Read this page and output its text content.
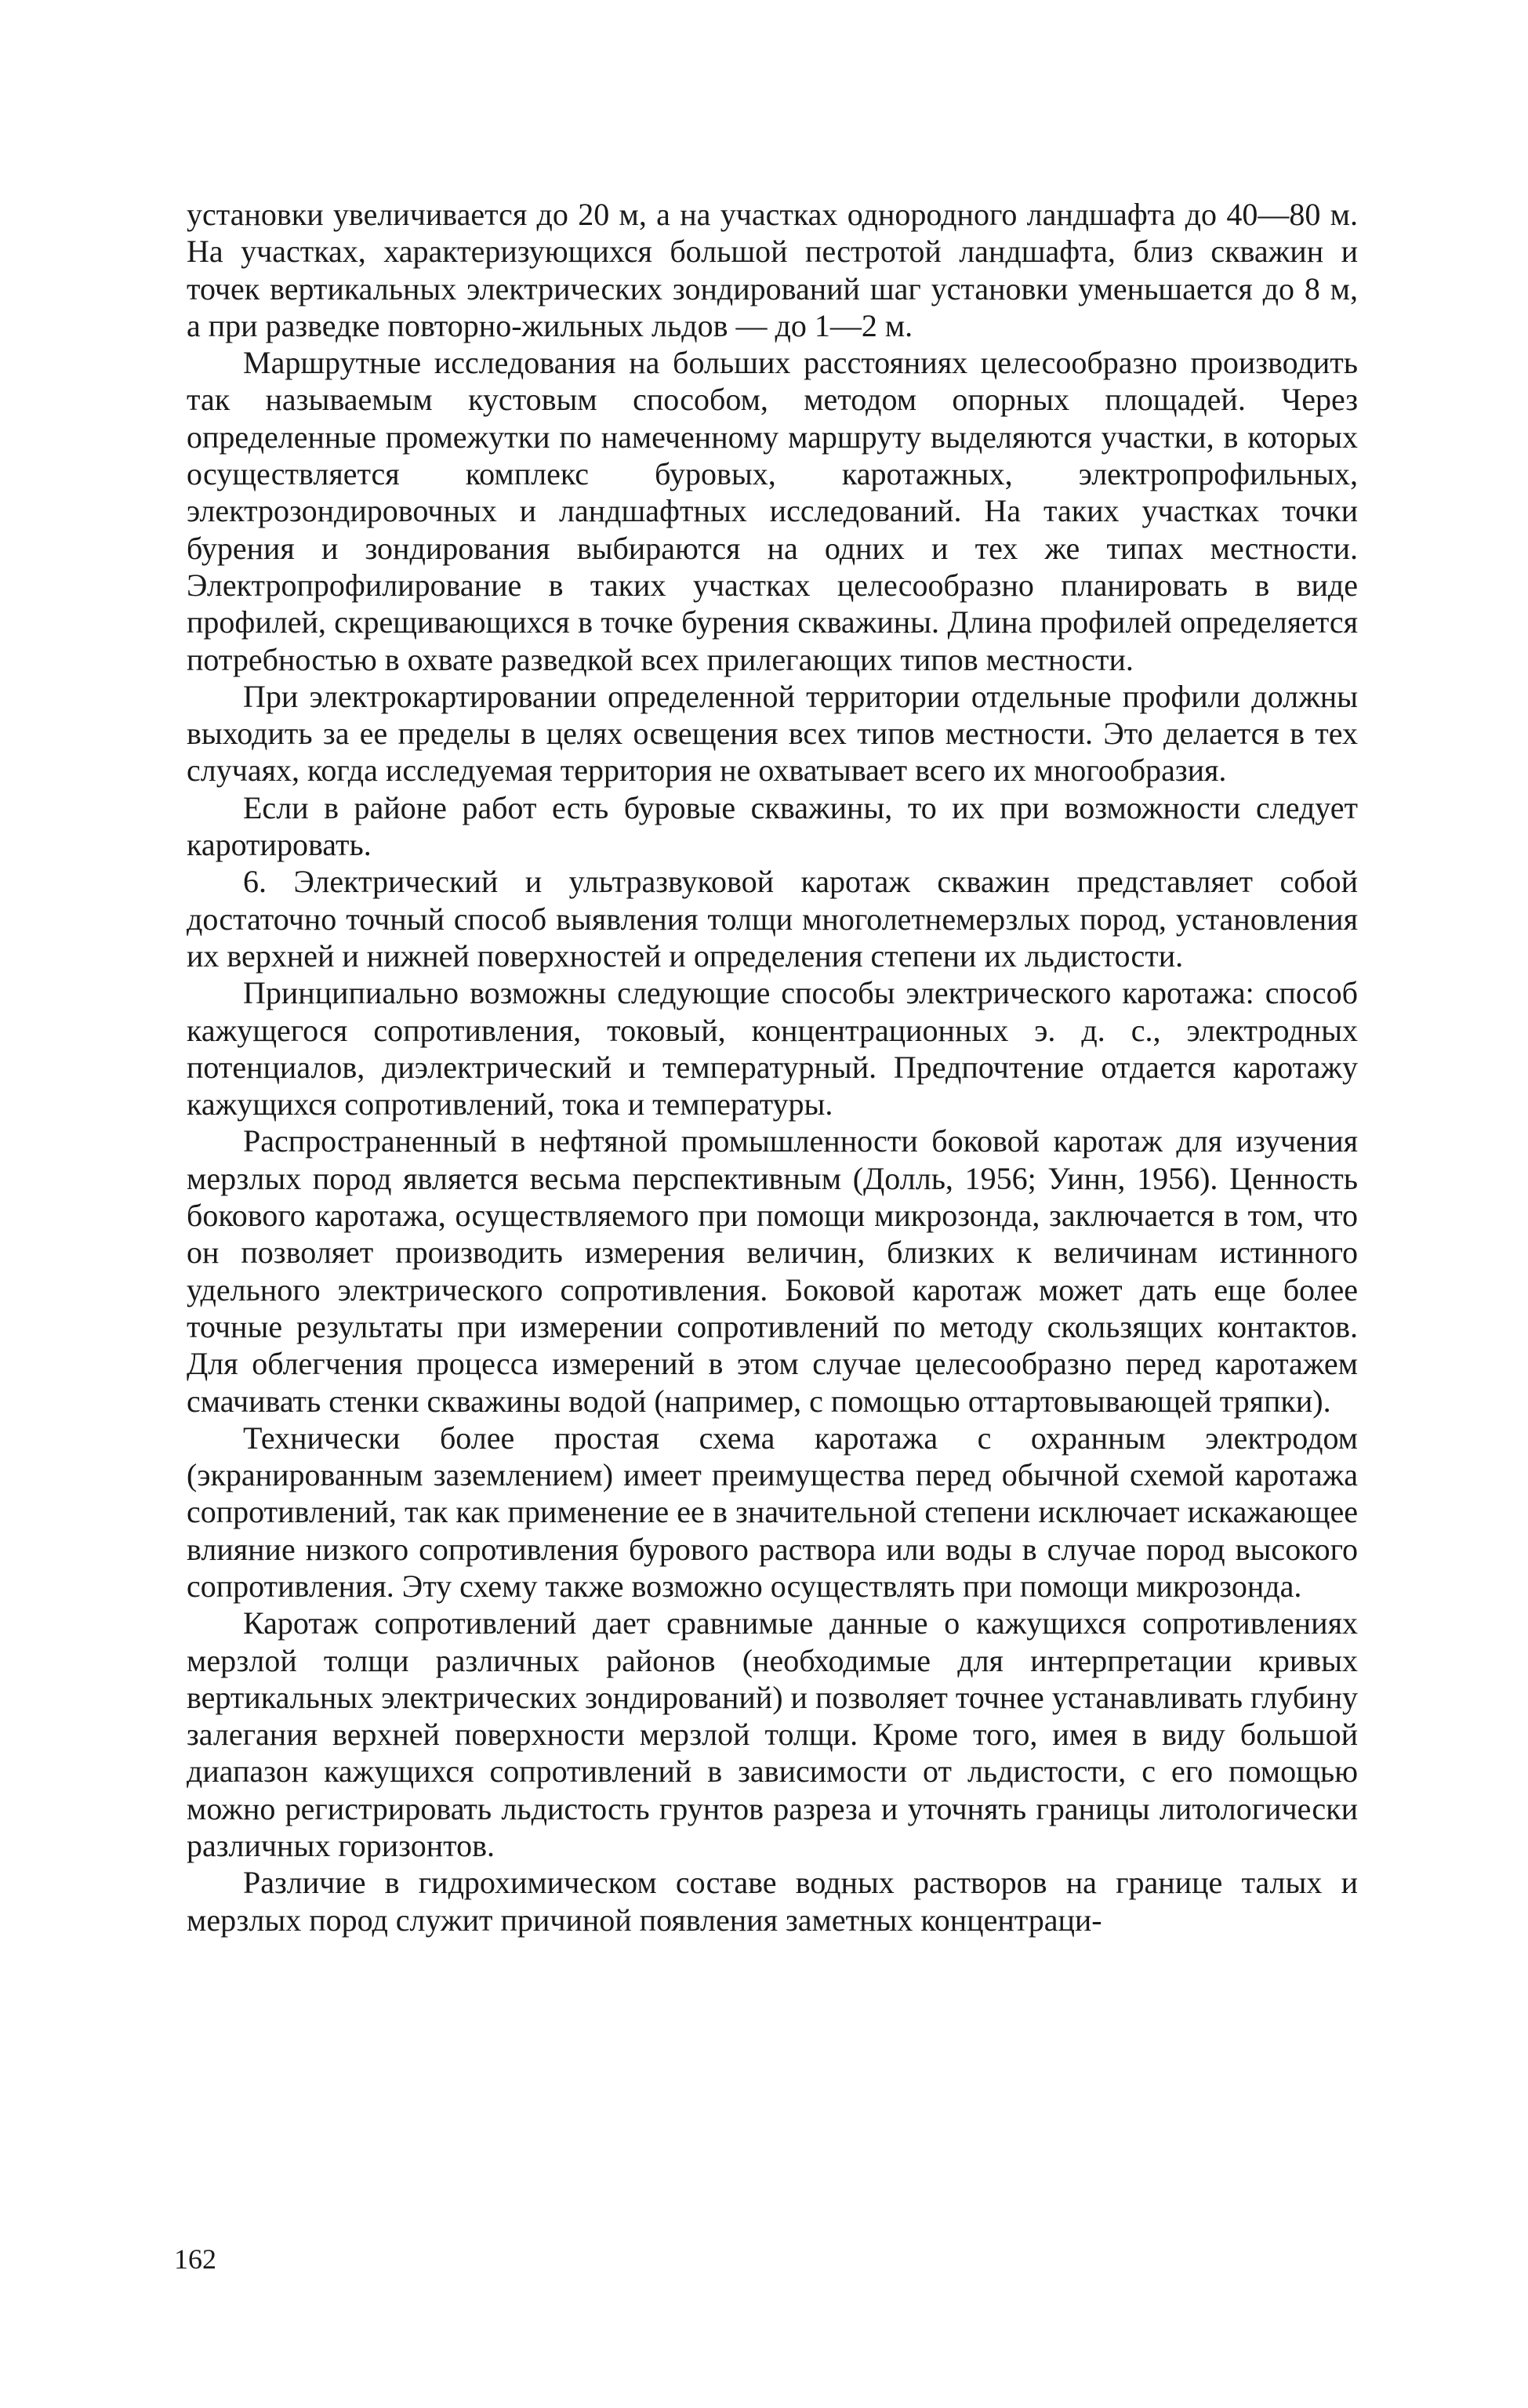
установки увеличивается до 20 м, а на участках однородного ландшафта до 40—80 м. На участках, характеризующихся большой пестротой ландшафта, близ скважин и точек вертикальных электрических зондирований шаг установки уменьшается до 8 м, а при разведке повторно-жильных льдов — до 1—2 м.

Маршрутные исследования на больших расстояниях целесообразно производить так называемым кустовым способом, методом опорных площадей. Через определенные промежутки по намеченному маршруту выделяются участки, в которых осуществляется комплекс буровых, каротажных, электропрофильных, электрозондировочных и ландшафтных исследований. На таких участках точки бурения и зондирования выбираются на одних и тех же типах местности. Электропрофилирование в таких участках целесообразно планировать в виде профилей, скрещивающихся в точке бурения скважины. Длина профилей определяется потребностью в охвате разведкой всех прилегающих типов местности.

При электрокартировании определенной территории отдельные профили должны выходить за ее пределы в целях освещения всех типов местности. Это делается в тех случаях, когда исследуемая территория не охватывает всего их многообразия.

Если в районе работ есть буровые скважины, то их при возможности следует каротировать.

6. Электрический и ультразвуковой каротаж скважин представляет собой достаточно точный способ выявления толщи многолетнемерзлых пород, установления их верхней и нижней поверхностей и определения степени их льдистости.

Принципиально возможны следующие способы электрического каротажа: способ кажущегося сопротивления, токовый, концентрационных э. д. с., электродных потенциалов, диэлектрический и температурный. Предпочтение отдается каротажу кажущихся сопротивлений, тока и температуры.

Распространенный в нефтяной промышленности боковой каротаж для изучения мерзлых пород является весьма перспективным (Долль, 1956; Уинн, 1956). Ценность бокового каротажа, осуществляемого при помощи микрозонда, заключается в том, что он позволяет производить измерения величин, близких к величинам истинного удельного электрического сопротивления. Боковой каротаж может дать еще более точные результаты при измерении сопротивлений по методу скользящих контактов. Для облегчения процесса измерений в этом случае целесообразно перед каротажем смачивать стенки скважины водой (например, с помощью оттартовывающей тряпки).

Технически более простая схема каротажа с охранным электродом (экранированным заземлением) имеет преимущества перед обычной схемой каротажа сопротивлений, так как применение ее в значительной степени исключает искажающее влияние низкого сопротивления бурового раствора или воды в случае пород высокого сопротивления. Эту схему также возможно осуществлять при помощи микрозонда.

Каротаж сопротивлений дает сравнимые данные о кажущихся сопротивлениях мерзлой толщи различных районов (необходимые для интерпретации кривых вертикальных электрических зондирований) и позволяет точнее устанавливать глубину залегания верхней поверхности мерзлой толщи. Кроме того, имея в виду большой диапазон кажущихся сопротивлений в зависимости от льдистости, с его помощью можно регистрировать льдистость грунтов разреза и уточнять границы литологически различных горизонтов.

Различие в гидрохимическом составе водных растворов на границе талых и мерзлых пород служит причиной появления заметных концентраци-

162
